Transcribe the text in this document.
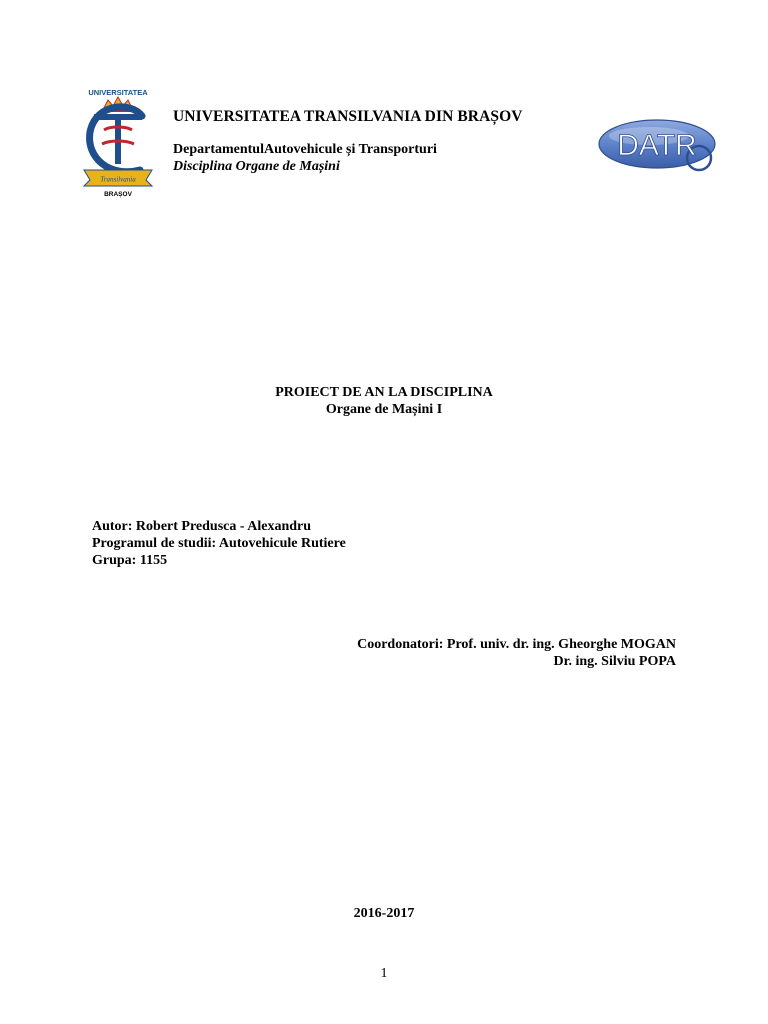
UNIVERSITATEA
Transilvania
BRAȘOV
UNIVERSITATEA TRANSILVANIA DIN BRAȘOV
DepartamentulAutovehicule și Transporturi
Disciplina Organe de Mașini
DATR
PROIECT DE AN LA DISCIPLINA
Organe de Mașini I
Autor: Robert Predusca - Alexandru
Programul de studii: Autovehicule Rutiere
Grupa: 1155
Coordonatori: Prof. univ. dr. ing. Gheorghe MOGAN
Dr. ing. Silviu POPA
2016-2017
1
